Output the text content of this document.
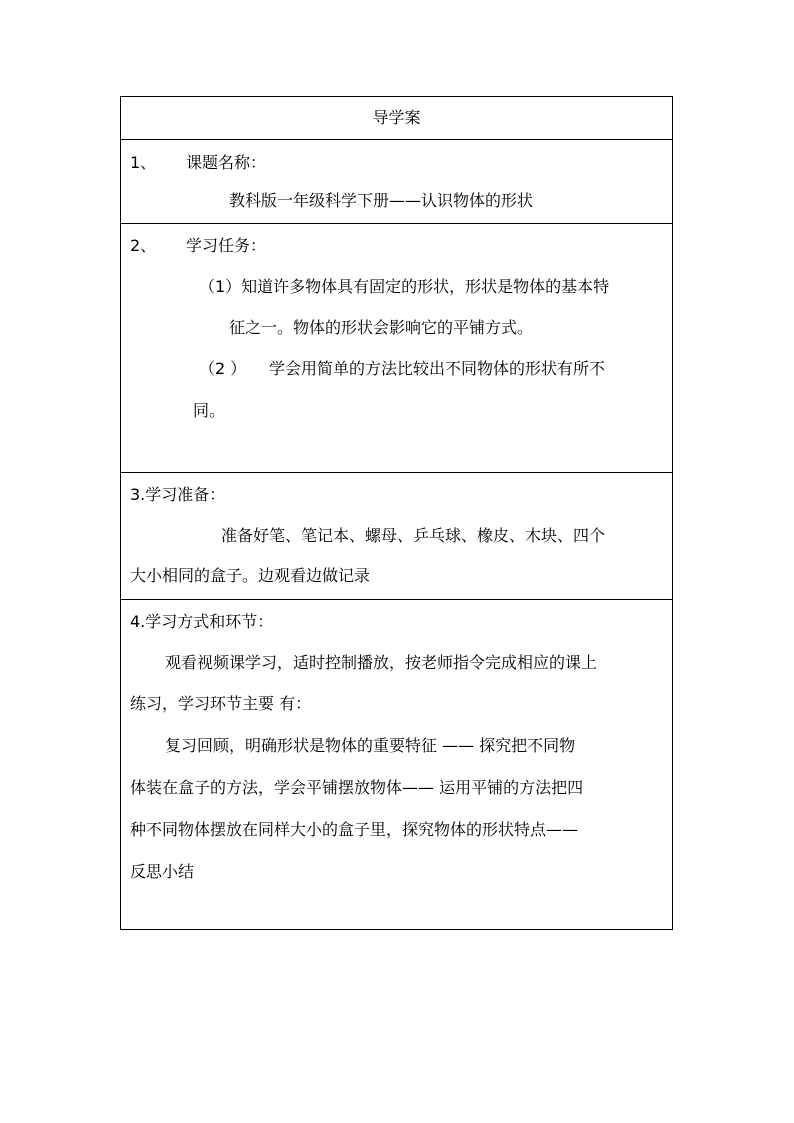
导学案
1、 课题名称：
教科版一年级科学下册——认识物体的形状
2、 学习任务：
（1）知道许多物体具有固定的形状，形状是物体的基本特
征之一。物体的形状会影响它的平铺方式。
（2 ） 学会用简单的方法比较出不同物体的形状有所不
同。
3.学习准备：
准备好笔、笔记本、螺母、乒乓球、橡皮、木块、四个
大小相同的盒子。边观看边做记录
4.学习方式和环节：
观看视频课学习，适时控制播放，按老师指令完成相应的课上
练习，学习环节主要 有：
复习回顾，明确形状是物体的重要特征 —— 探究把不同物
体装在盒子的方法，学会平铺摆放物体—— 运用平铺的方法把四
种不同物体摆放在同样大小的盒子里，探究物体的形状特点——
反思小结
